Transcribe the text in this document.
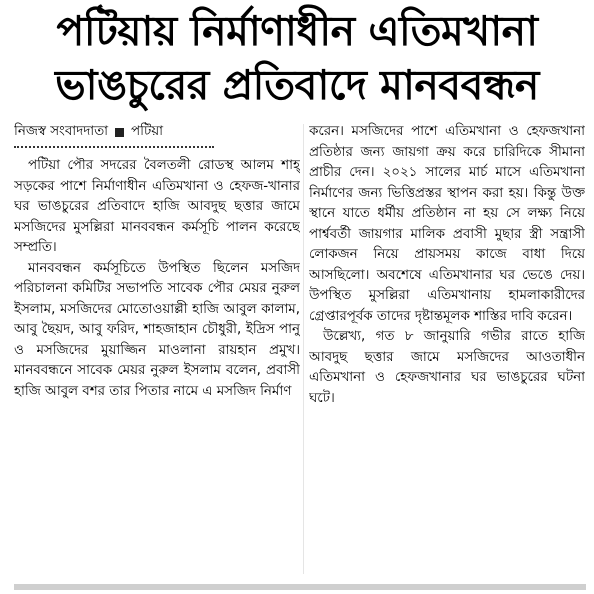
পটিয়ায় নির্মাণাধীন এতিমখানা
ভাঙচুরের প্রতিবাদে মানববন্ধন
নিজস্ব সংবাদদাতা পটিয়া

পটিয়া পৌর সদরের বৈলতলী রোডস্থ আলম শাহ্‌ সড়কের পাশে নির্মাণাধীন এতিমখানা ও হেফজ-খানার ঘর ভাঙচুরের প্রতিবাদে হাজি আবদুছ ছত্তার জামে মসজিদের মুসল্লিরা মানববন্ধন কর্মসূচি পালন করেছে সম্প্রতি।

মানববন্ধন কর্মসূচিতে উপস্থিত ছিলেন মসজিদ পরিচালনা কমিটির সভাপতি সাবেক পৌর মেয়র নুরুল ইসলাম, মসজিদের মোতোওয়াল্লী হাজি আবুল কালাম, আবু ছৈয়দ, আবু ফরিদ, শাহজাহান চৌধুরী, ইদ্রিস পানু ও মসজিদের মুয়াজ্জিন মাওলানা রায়হান প্রমুখ। মানববন্ধনে সাবেক মেয়র নুরুল ইসলাম বলেন, প্রবাসী হাজি আবুল বশর তার পিতার নামে এ মসজিদ নির্মাণ

করেন। মসজিদের পাশে এতিমখানা ও হেফজখানা প্রতিষ্ঠার জন্য জায়গা ক্রয় করে চারিদিকে সীমানা প্রাচীর দেন। ২০২১ সালের মার্চ মাসে এতিমখানা নির্মাণের জন্য ভিত্তিপ্রস্তর স্থাপন করা হয়। কিন্তু উক্ত স্থানে যাতে ধর্মীয় প্রতিষ্ঠান না হয় সে লক্ষ্য নিয়ে পার্শ্ববর্তী জায়গার মালিক প্রবাসী মুছার স্ত্রী সন্ত্রাসী লোকজন নিয়ে প্রায়সময় কাজে বাধা দিয়ে আসছিলো। অবশেষে এতিমখানার ঘর ভেঙে দেয়। উপস্থিত মুসল্লিরা এতিমখানায় হামলাকারীদের গ্রেপ্তারপূর্বক তাদের দৃষ্টান্তমূলক শাস্তির দাবি করেন।

উল্লেখ্য, গত ৮ জানুয়ারি গভীর রাতে হাজি আবদুছ ছত্তার জামে মসজিদের আওতাধীন এতিমখানা ও হেফজখানার ঘর ভাঙচুরের ঘটনা ঘটে।
